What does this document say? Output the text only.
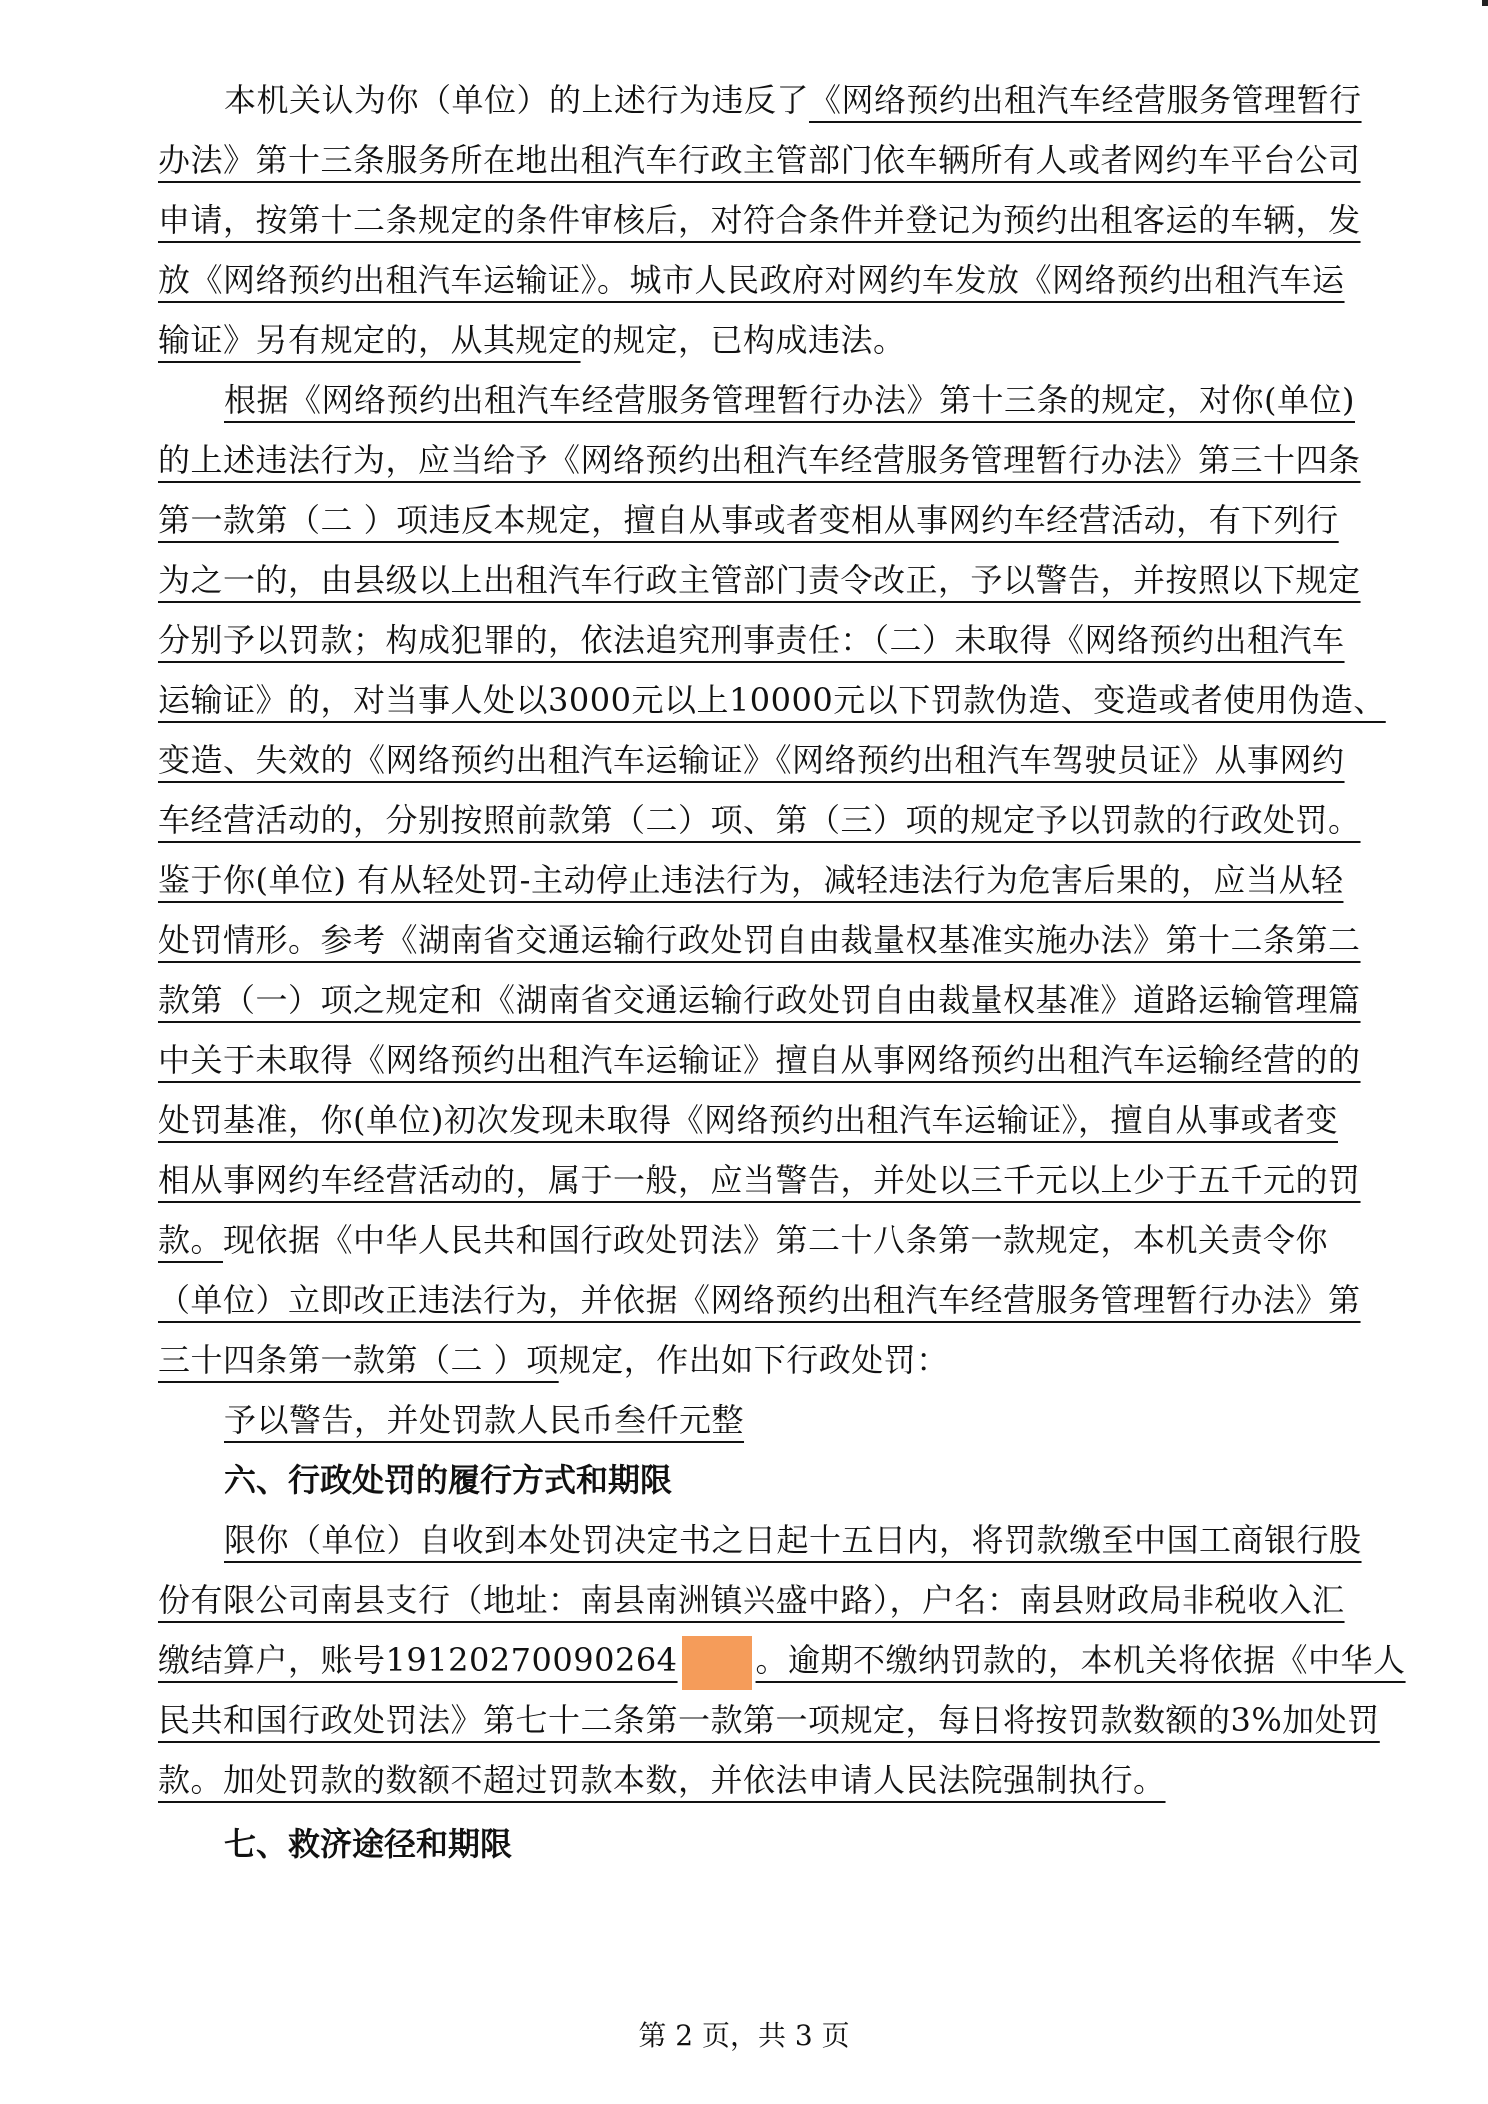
本机关认为你（单位）的上述行为违反了《网络预约出租汽车经营服务管理暂行
办法》第十三条服务所在地出租汽车行政主管部门依车辆所有人或者网约车平台公司
申请，按第十二条规定的条件审核后，对符合条件并登记为预约出租客运的车辆，发
放《网络预约出租汽车运输证》。城市人民政府对网约车发放《网络预约出租汽车运
输证》另有规定的，从其规定的规定，已构成违法。
根据《网络预约出租汽车经营服务管理暂行办法》第十三条的规定，对你(单位)
的上述违法行为，应当给予《网络预约出租汽车经营服务管理暂行办法》第三十四条
第一款第（二 ）项违反本规定，擅自从事或者变相从事网约车经营活动，有下列行
为之一的，由县级以上出租汽车行政主管部门责令改正，予以警告，并按照以下规定
分别予以罚款；构成犯罪的，依法追究刑事责任：（二）未取得《网络预约出租汽车
运输证》的，对当事人处以3000元以上10000元以下罚款伪造、变造或者使用伪造、
变造、失效的《网络预约出租汽车运输证》《网络预约出租汽车驾驶员证》从事网约
车经营活动的，分别按照前款第（二）项、第（三）项的规定予以罚款的行政处罚。
鉴于你(单位) 有从轻处罚-主动停止违法行为，减轻违法行为危害后果的，应当从轻
处罚情形。参考《湖南省交通运输行政处罚自由裁量权基准实施办法》第十二条第二
款第（一）项之规定和《湖南省交通运输行政处罚自由裁量权基准》道路运输管理篇
中关于未取得《网络预约出租汽车运输证》擅自从事网络预约出租汽车运输经营的的
处罚基准，你(单位)初次发现未取得《网络预约出租汽车运输证》，擅自从事或者变
相从事网约车经营活动的，属于一般，应当警告，并处以三千元以上少于五千元的罚
款。现依据《中华人民共和国行政处罚法》第二十八条第一款规定，本机关责令你
（单位）立即改正违法行为，并依据《网络预约出租汽车经营服务管理暂行办法》第
三十四条第一款第（二 ）项规定，作出如下行政处罚：
予以警告，并处罚款人民币叁仟元整
六、行政处罚的履行方式和期限
限你（单位）自收到本处罚决定书之日起十五日内，将罚款缴至中国工商银行股
份有限公司南县支行（地址：南县南洲镇兴盛中路），户名：南县财政局非税收入汇
缴结算户，账号19120270090264 。逾期不缴纳罚款的，本机关将依据《中华人
民共和国行政处罚法》第七十二条第一款第一项规定，每日将按罚款数额的3%加处罚
款。加处罚款的数额不超过罚款本数，并依法申请人民法院强制执行。
七、救济途径和期限
第 2 页，共 3 页
